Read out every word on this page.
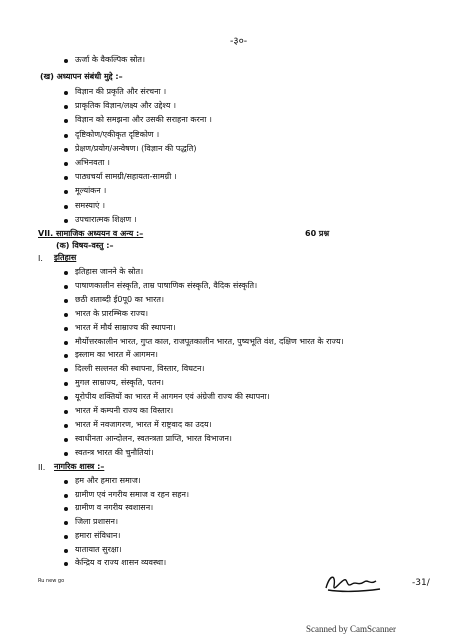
-३०-
ऊर्जा के वैकल्पिक स्रोत।
(ख) अध्यापन संबंधी मुद्दे :–
विज्ञान की प्रकृति और संरचना ।
प्राकृतिक विज्ञान/लक्ष्य और उद्देश्य ।
विज्ञान को समझना और उसकी सराहना करना ।
दृष्टिकोण/एकीकृत दृष्टिकोण ।
प्रेक्षण/प्रयोग/अन्वेषण। (विज्ञान की पद्धति)
अभिनवता ।
पाठ्यचर्या सामग्री/सहायता-सामग्री ।
मूल्यांकन ।
समस्याएं ।
उपचारात्मक शिक्षण ।
VII. सामाजिक अध्ययन व अन्य :–	60 प्रश्न
(क) विषय-वस्तु :–
I. इतिहास
इतिहास जानने के स्रोत।
पाषाणकालीन संस्कृति, ताम्र पाषाणिक संस्कृति, वैदिक संस्कृति।
छठी शताब्दी ई0पू0 का भारत।
भारत के प्रारम्भिक राज्य।
भारत में मौर्य साम्राज्य की स्थापना।
मौर्योत्तरकालीन भारत, गुप्त काल, राजपूतकालीन भारत, पुष्यभूति वंश, दक्षिण भारत के राज्य।
इस्लाम का भारत में आगमन।
दिल्ली सल्तनत की स्थापना, विस्तार, विघटन।
मुगल साम्राज्य, संस्कृति, पतन।
यूरोपीय शक्तियों का भारत में आगमन एवं अंग्रेजी राज्य की स्थापना।
भारत में कम्पनी राज्य का विस्तार।
भारत में नवजागरण, भारत में राष्ट्रवाद का उदय।
स्वाधीनता आन्दोलन, स्वतन्त्रता प्राप्ति, भारत विभाजन।
स्वतन्त्र भारत की चुनौतियां।
II. नागरिक शास्त्र :–
हम और हमारा समाज।
ग्रामीण एवं नगरीय समाज व रहन सहन।
ग्रामीण व नगरीय स्वशासन।
जिला प्रशासन।
हमारा संविधान।
यातायात सुरक्षा।
केन्द्रिय व राज्य शासन व्यवस्था।
Ru new go	-31/
Scanned by CamScanner
